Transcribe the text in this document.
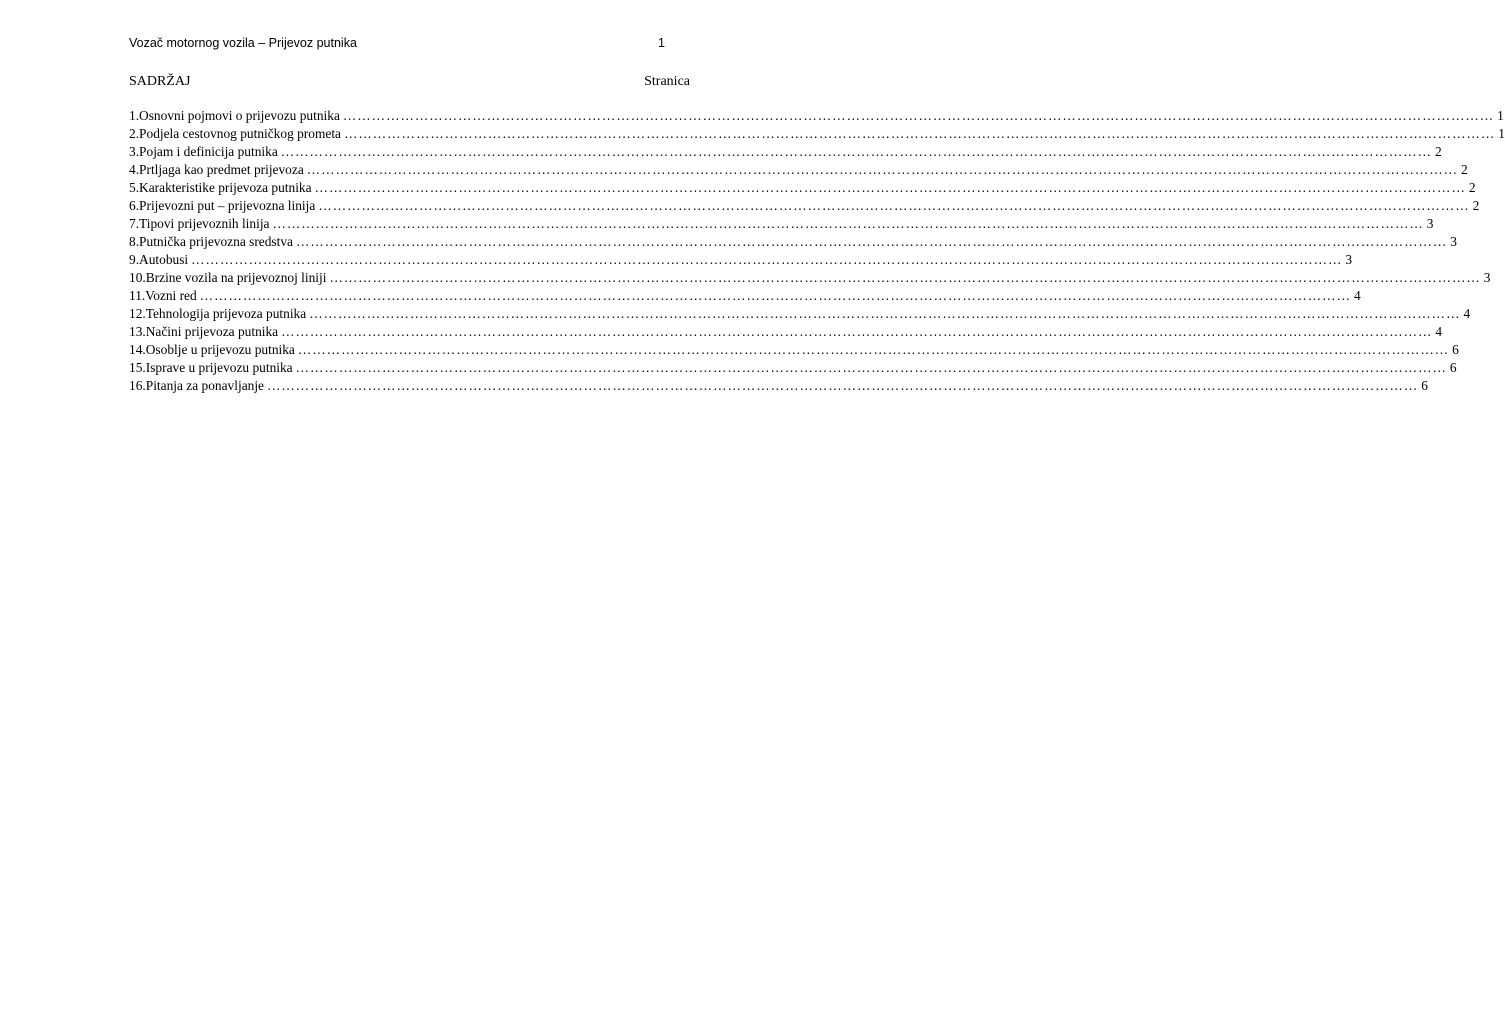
Vozač motornog vozila – Prijevoz putnika	1
SADRŽAJ	Stranica
1. Osnovni pojmovi o prijevozu putnika …………………………………………………………………………………………………………………………………………………………………………………………………………………… 1
2. Podjela cestovnog putničkog prometa …………………………………………………………………………………………………………………………………………………………………………………………………………………… 1
3. Pojam i definicija putnika …………………………………………………………………………………………………………………………………………………………………………………………………………………… 2
4. Prtljaga kao predmet prijevoza …………………………………………………………………………………………………………………………………………………………………………………………………………………… 2
5. Karakteristike prijevoza putnika …………………………………………………………………………………………………………………………………………………………………………………………………………………… 2
6. Prijevozni put – prijevozna linija …………………………………………………………………………………………………………………………………………………………………………………………………………………… 2
7. Tipovi prijevoznih linija …………………………………………………………………………………………………………………………………………………………………………………………………………………… 3
8. Putnička prijevozna sredstva …………………………………………………………………………………………………………………………………………………………………………………………………………………… 3
9. Autobusi …………………………………………………………………………………………………………………………………………………………………………………………………………………… 3
10. Brzine vozila na prijevoznoj liniji …………………………………………………………………………………………………………………………………………………………………………………………………………………… 3
11. Vozni red …………………………………………………………………………………………………………………………………………………………………………………………………………………… 4
12. Tehnologija prijevoza putnika …………………………………………………………………………………………………………………………………………………………………………………………………………………… 4
13. Načini prijevoza putnika …………………………………………………………………………………………………………………………………………………………………………………………………………………… 4
14. Osoblje u prijevozu putnika …………………………………………………………………………………………………………………………………………………………………………………………………………………… 6
15. Isprave u prijevozu putnika …………………………………………………………………………………………………………………………………………………………………………………………………………………… 6
16. Pitanja za ponavljanje …………………………………………………………………………………………………………………………………………………………………………………………………………………… 6
